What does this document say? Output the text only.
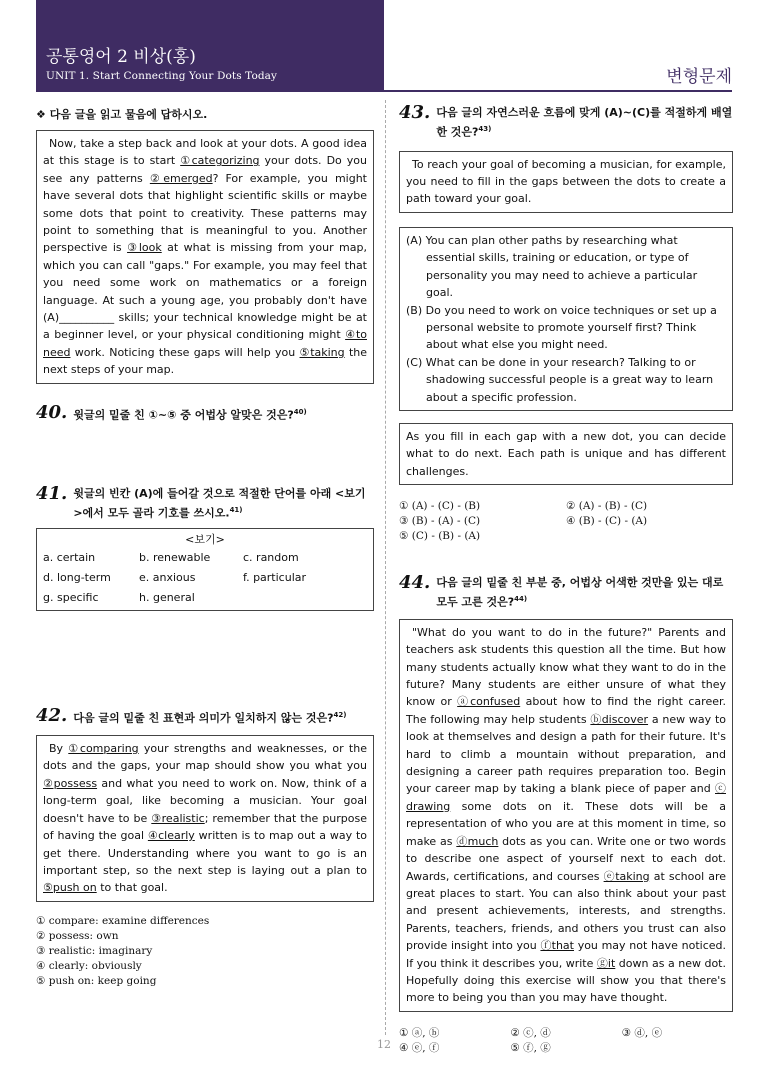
공통영어 2 비상(홍)
UNIT 1. Start Connecting Your Dots Today	변형문제
❖ 다음 글을 읽고 물음에 답하시오.

Now, take a step back and look at your dots. A good idea at this stage is to start ①categorizing your dots. Do you see any patterns ②emerged? For example, you might have several dots that highlight scientific skills or maybe some dots that point to creativity. These patterns may point to something that is meaningful to you. Another perspective is ③look at what is missing from your map, which you can call "gaps." For example, you may feel that you need some work on mathematics or a foreign language. At such a young age, you probably don't have (A)__________ skills; your technical knowledge might be at a beginner level, or your physical conditioning might ④to need work. Noticing these gaps will help you ⑤taking the next steps of your map.

40. 윗글의 밑줄 친 ①~⑤ 중 어법상 알맞은 것은?$^{40)}$
41. 윗글의 빈칸 (A)에 들어갈 것으로 적절한 단어를 아래 <보기>에서 모두 골라 기호를 쓰시오.$^{41)}$
<보기>
a. certain	b. renewable	c. random
d. long-term	e. anxious	f. particular
g. specific	h. general
42. 다음 글의 밑줄 친 표현과 의미가 일치하지 않는 것은?$^{42)}$

By ①comparing your strengths and weaknesses, or the dots and the gaps, your map should show you what you ②possess and what you need to work on. Now, think of a long-term goal, like becoming a musician. Your goal doesn't have to be ③realistic; remember that the purpose of having the goal ④clearly written is to map out a way to get there. Understanding where you want to go is an important step, so the next step is laying out a plan to ⑤push on to that goal.

① compare: examine differences
② possess: own
③ realistic: imaginary
④ clearly: obviously
⑤ push on: keep going
43. 다음 글의 자연스러운 흐름에 맞게 (A)~(C)를 적절하게 배열한 것은?$^{43)}$

To reach your goal of becoming a musician, for example, you need to fill in the gaps between the dots to create a path toward your goal.

(A) You can plan other paths by researching what essential skills, training or education, or type of personality you may need to achieve a particular goal.

(B) Do you need to work on voice techniques or set up a personal website to promote yourself first? Think about what else you might need.

(C) What can be done in your research? Talking to or shadowing successful people is a great way to learn about a specific profession.

As you fill in each gap with a new dot, you can decide what to do next. Each path is unique and has different challenges.

① (A) - (C) - (B)	② (A) - (B) - (C)
③ (B) - (A) - (C)	④ (B) - (C) - (A)
⑤ (C) - (B) - (A)
44. 다음 글의 밑줄 친 부분 중, 어법상 어색한 것만을 있는 대로 모두 고른 것은?$^{44)}$

"What do you want to do in the future?" Parents and teachers ask students this question all the time. But how many students actually know what they want to do in the future? Many students are either unsure of what they know or ⓐconfused about how to find the right career. The following may help students ⓑdiscover a new way to look at themselves and design a path for their future. It's hard to climb a mountain without preparation, and designing a career path requires preparation too. Begin your career map by taking a blank piece of paper and ⓒ drawing some dots on it. These dots will be a representation of who you are at this moment in time, so make as ⓓmuch dots as you can. Write one or two words to describe one aspect of yourself next to each dot. Awards, certifications, and courses ⓔtaking at school are great places to start. You can also think about your past and present achievements, interests, and strengths. Parents, teachers, friends, and others you trust can also provide insight into you ⓕthat you may not have noticed. If you think it describes you, write ⓖit down as a new dot. Hopefully doing this exercise will show you that there's more to being you than you may have thought.

① ⓐ, ⓑ	② ⓒ, ⓓ	③ ⓓ, ⓔ
④ ⓔ, ⓕ	⑤ ⓕ, ⓖ
12
